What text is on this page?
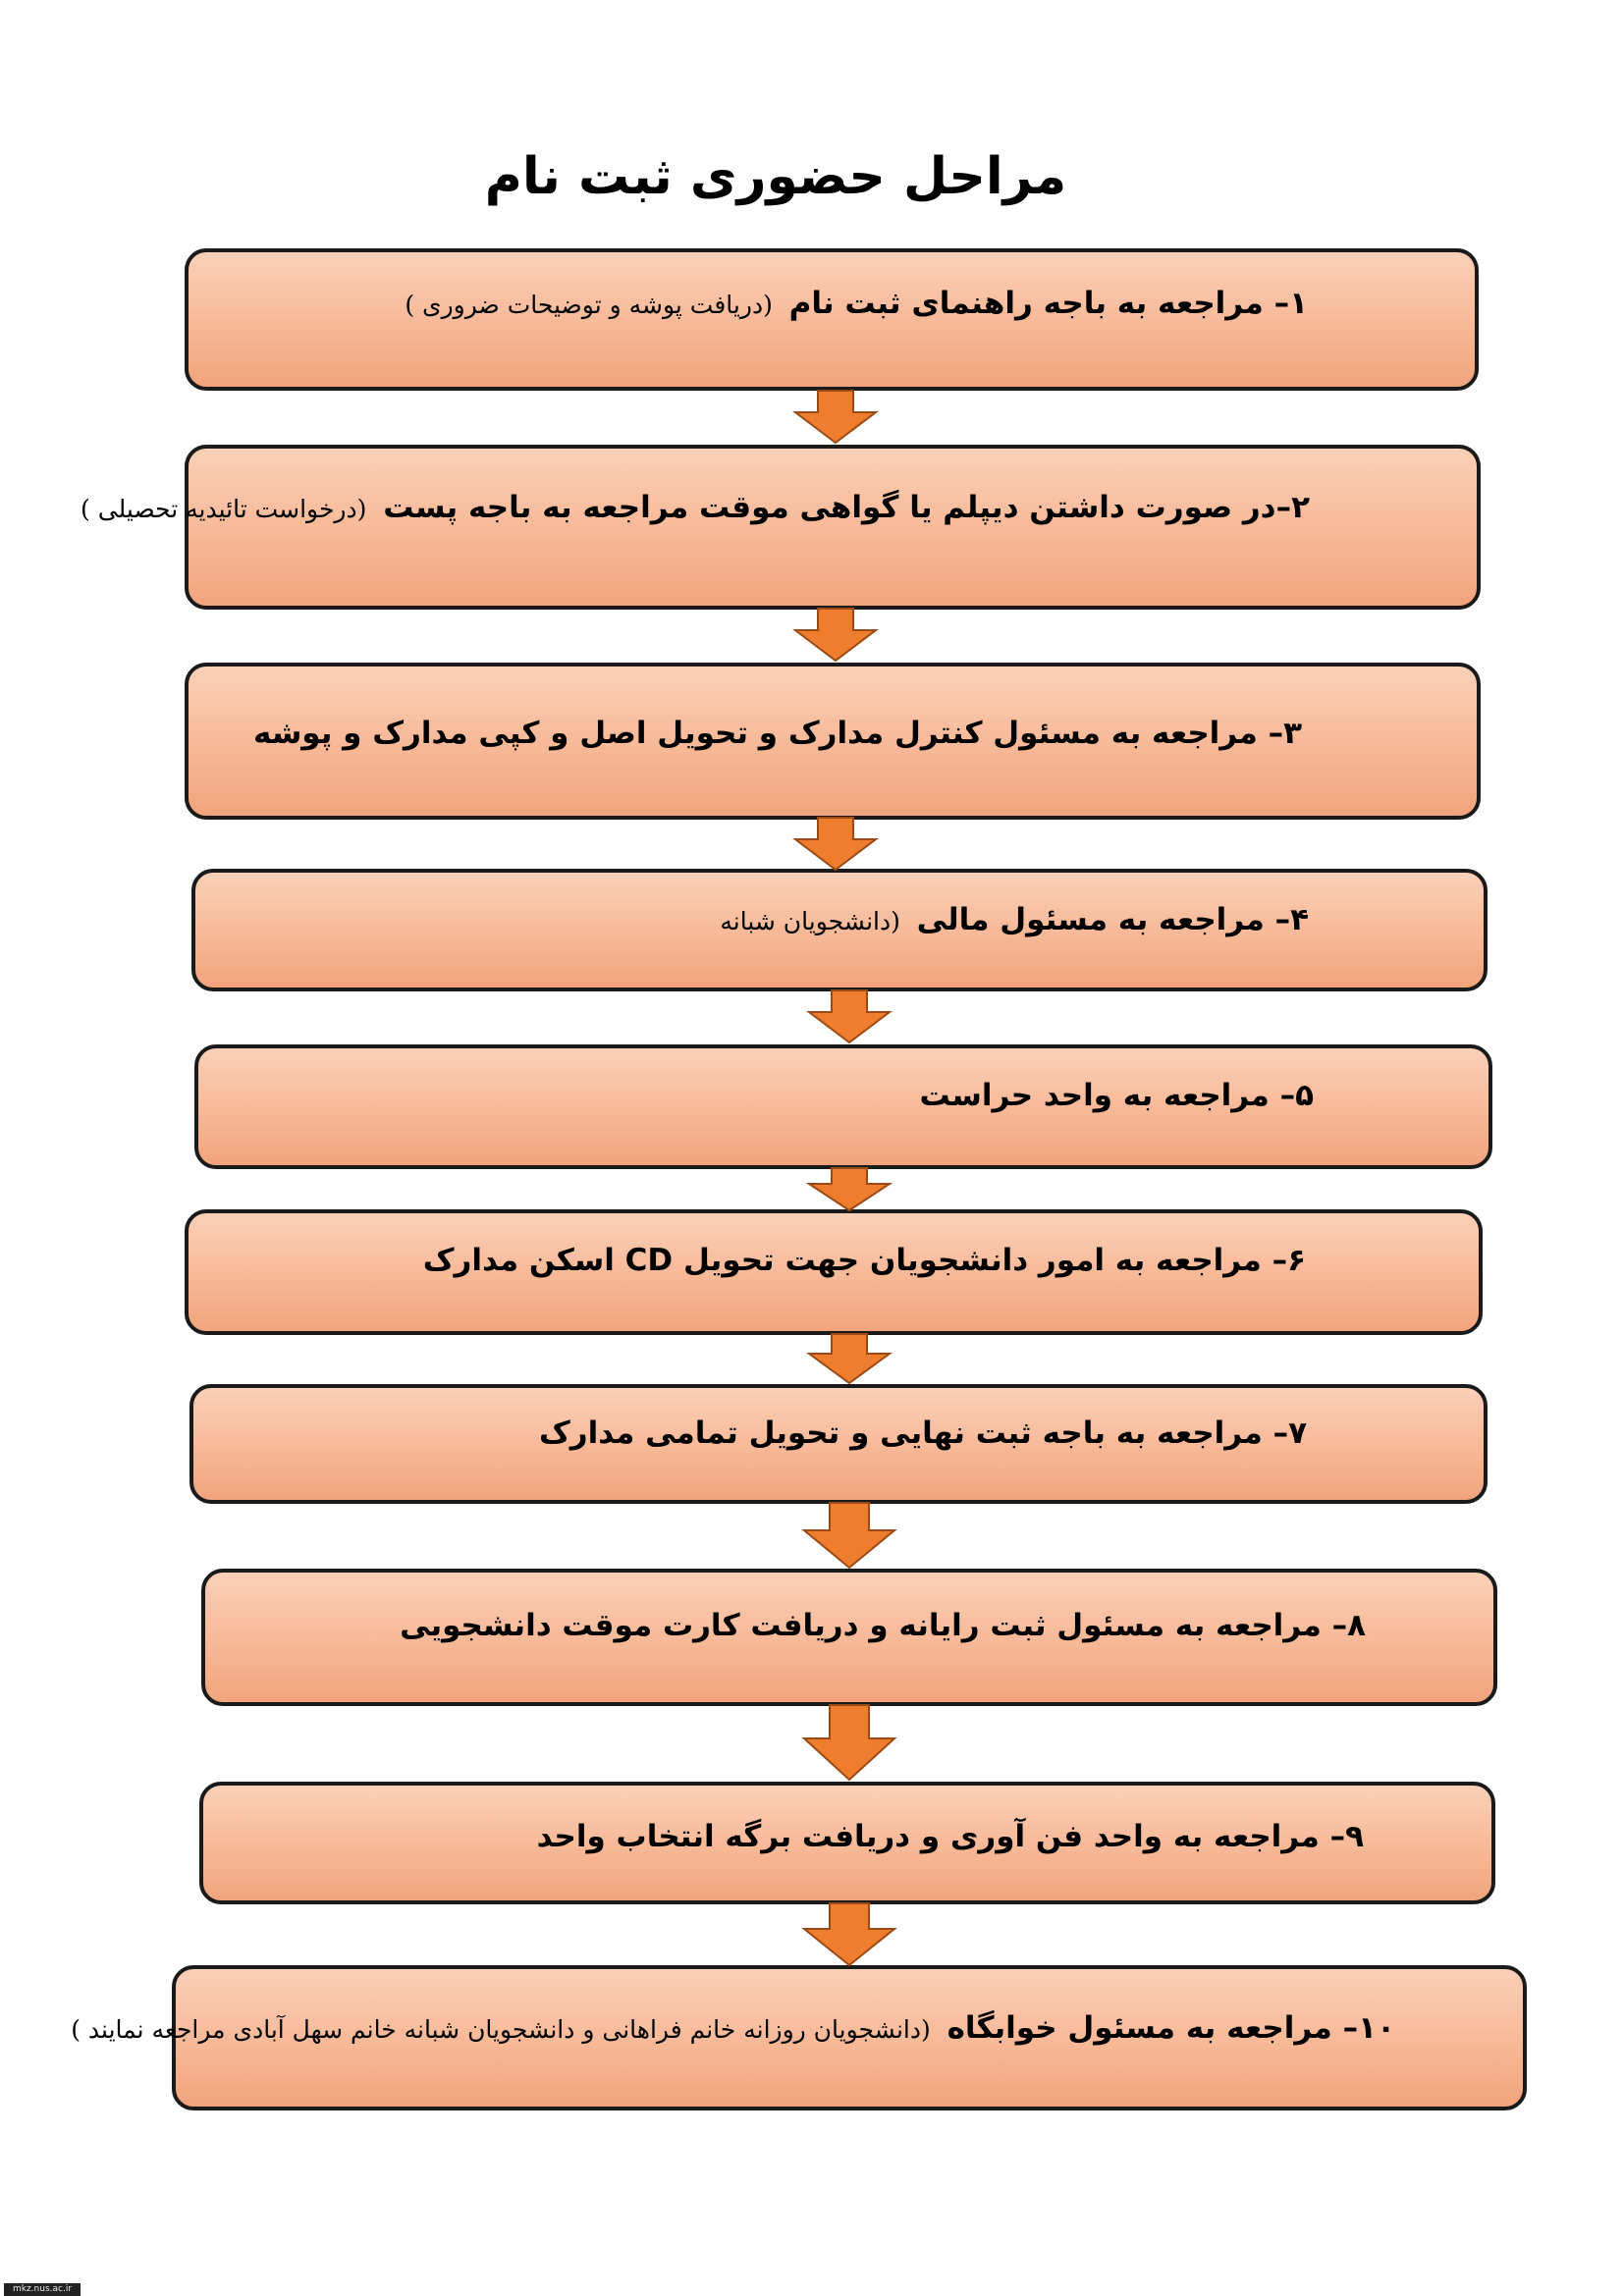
مراحل حضوری ثبت نام
۱– مراجعه به باجه راهنمای ثبت نام (دریافت پوشه و توضیحات ضروری )
۲–در صورت داشتن دیپلم یا گواهی موقت مراجعه به باجه پست (درخواست تائیدیه تحصیلی )
۳– مراجعه به مسئول کنترل مدارک و تحویل اصل و کپی مدارک و پوشه
۴– مراجعه به مسئول مالی (دانشجویان شبانه
۵– مراجعه به واحد حراست
۶– مراجعه به امور دانشجویان جهت تحویل CD اسکن مدارک
۷– مراجعه به باجه ثبت نهایی و تحویل تمامی مدارک
۸– مراجعه به مسئول ثبت رایانه و دریافت کارت موقت دانشجویی
۹– مراجعه به واحد فن آوری و دریافت برگه انتخاب واحد
۱۰– مراجعه به مسئول خوابگاه (دانشجویان روزانه خانم فراهانی و دانشجویان شبانه خانم سهل آبادی مراجعه نمایند )
mkz.nus.ac.ir
